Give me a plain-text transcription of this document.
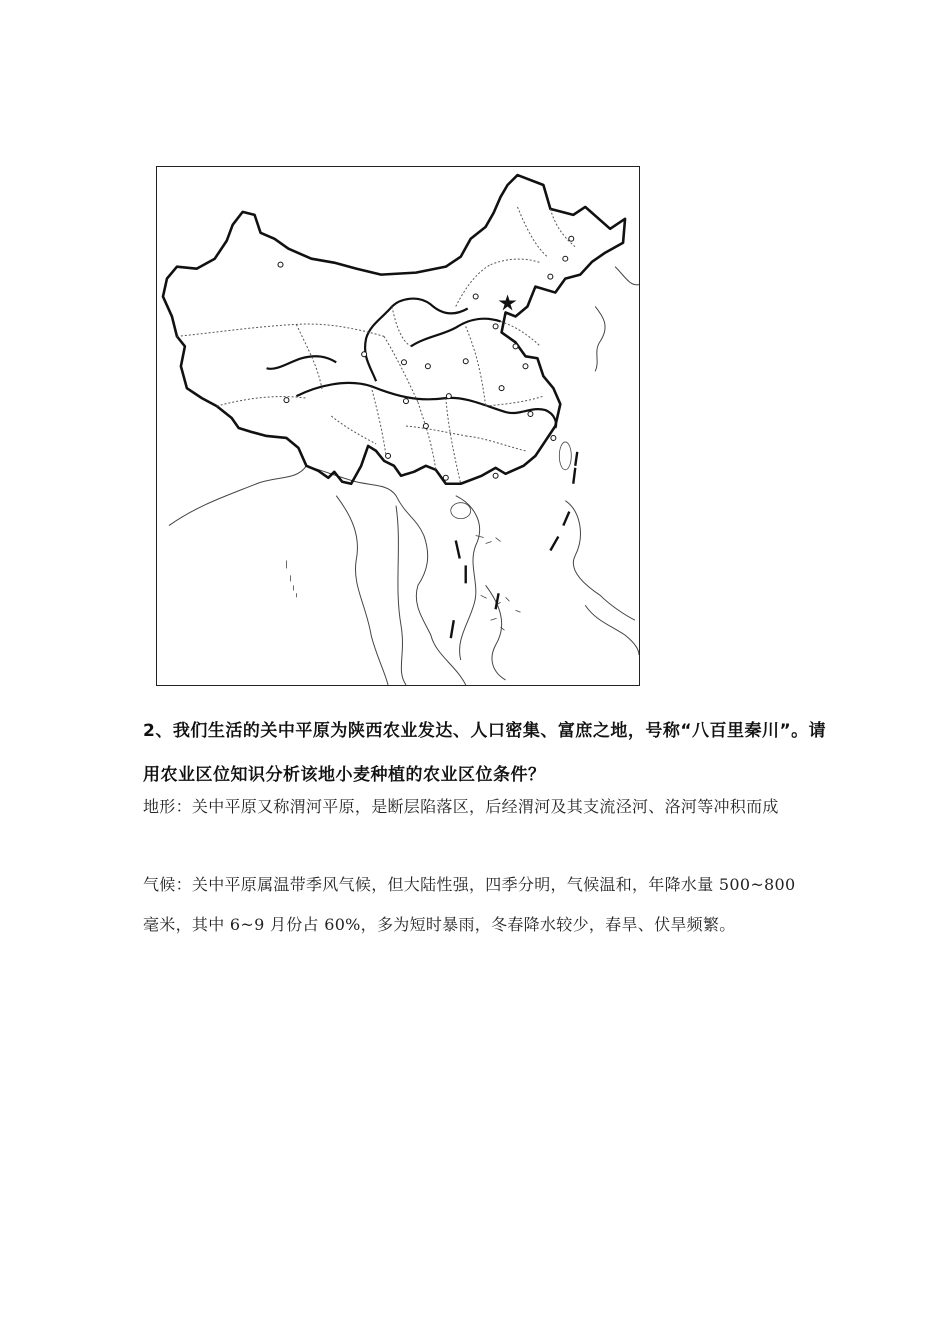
2、我们生活的关中平原为陕西农业发达、人口密集、富庶之地，号称“八百里秦川”。请
用农业区位知识分析该地小麦种植的农业区位条件？
地形：关中平原又称渭河平原，是断层陷落区，后经渭河及其支流泾河、洛河等冲积而成
气候：关中平原属温带季风气候，但大陆性强，四季分明，气候温和，年降水量 500~800
毫米，其中 6~9 月份占 60%，多为短时暴雨，冬春降水较少，春旱、伏旱频繁。
